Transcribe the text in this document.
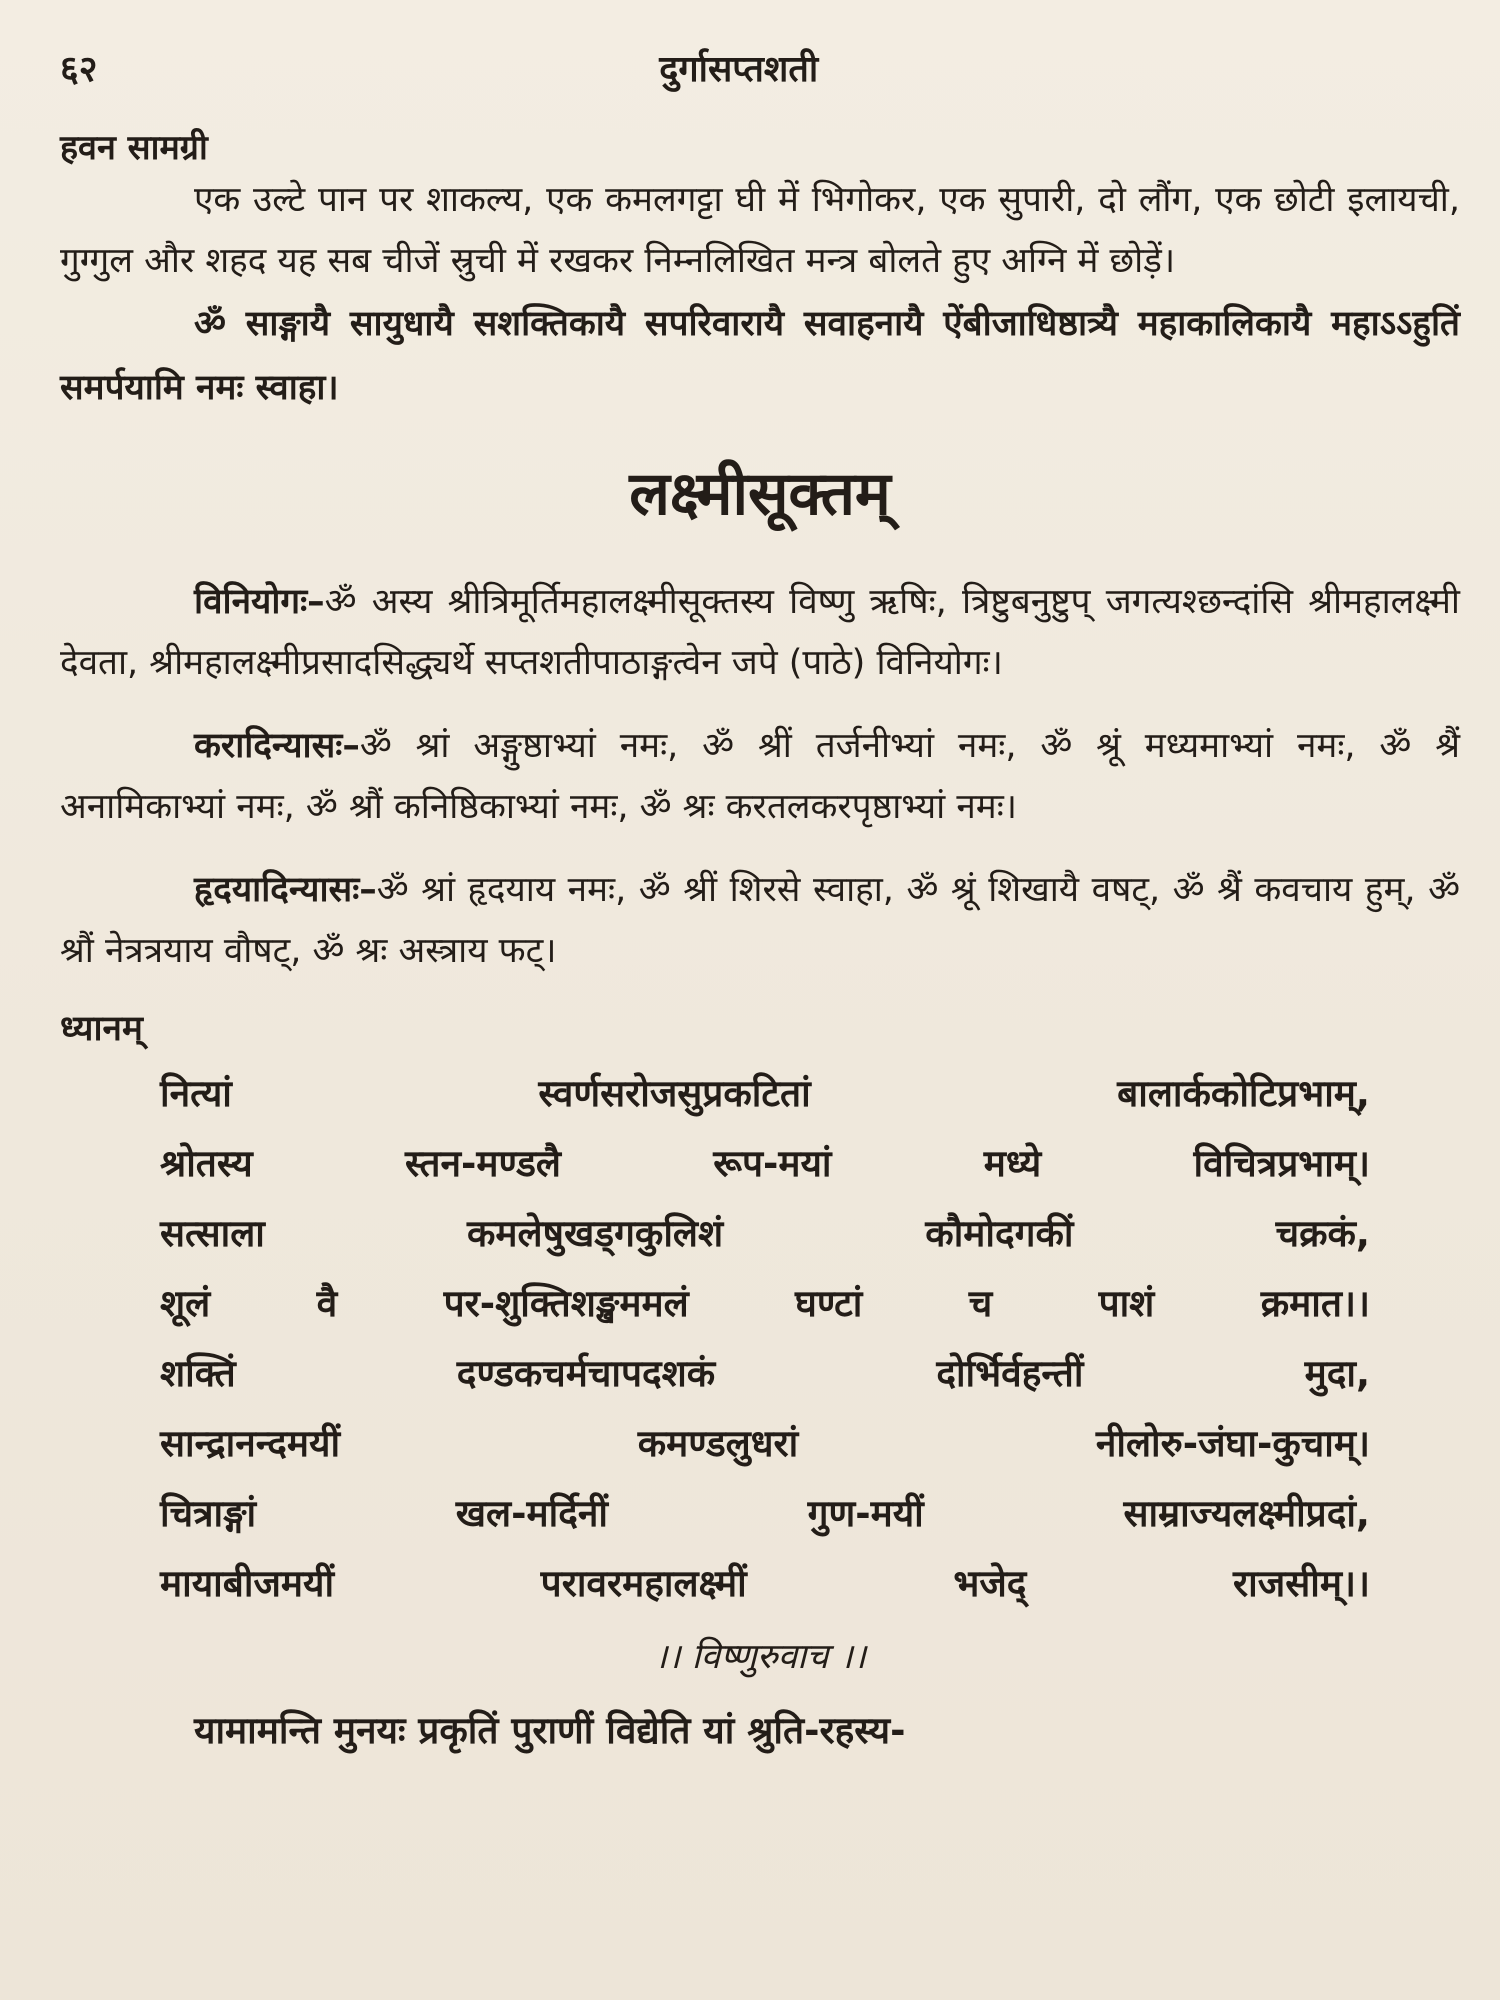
६२	दुर्गासप्तशती

हवन सामग्री

एक उल्टे पान पर शाकल्य, एक कमलगट्टा घी में भिगोकर, एक सुपारी, दो लौंग, एक छोटी इलायची, गुग्गुल और शहद यह सब चीजें स्रुची में रखकर निम्नलिखित मन्त्र बोलते हुए अग्नि में छोड़ें।

ॐ साङ्गायै सायुधायै सशक्तिकायै सपरिवारायै सवाहनायै ऐंबीजाधिष्ठात्र्यै महाकालिकायै महाऽऽहुतिं समर्पयामि नमः स्वाहा।

लक्ष्मीसूक्तम्

विनियोगः–ॐ अस्य श्रीत्रिमूर्तिमहालक्ष्मीसूक्तस्य विष्णु ऋषिः, त्रिष्टुबनुष्टुप् जगत्यश्छन्दांसि श्रीमहालक्ष्मी देवता, श्रीमहालक्ष्मीप्रसादसिद्ध्यर्थे सप्तशतीपाठाङ्गत्वेन जपे (पाठे) विनियोगः।

करादिन्यासः–ॐ श्रां अङ्गुष्ठाभ्यां नमः, ॐ श्रीं तर्जनीभ्यां नमः, ॐ श्रूं मध्यमाभ्यां नमः, ॐ श्रैं अनामिकाभ्यां नमः, ॐ श्रौं कनिष्ठिकाभ्यां नमः, ॐ श्रः करतलकरपृष्ठाभ्यां नमः।

हृदयादिन्यासः–ॐ श्रां हृदयाय नमः, ॐ श्रीं शिरसे स्वाहा, ॐ श्रूं शिखायै वषट्, ॐ श्रैं कवचाय हुम्, ॐ श्रौं नेत्रत्रयाय वौषट्, ॐ श्रः अस्त्राय फट्।

ध्यानम्
नित्यां स्वर्णसरोजसुप्रकटितां बालार्ककोटिप्रभाम्,
श्रोतस्य स्तन-मण्डलै रूप-मयां मध्ये विचित्रप्रभाम्।
सत्साला कमलेषुखड्गकुलिशं कौमोदगकीं चक्रकं,
शूलं वै पर-शुक्तिशङ्खममलं घण्टां च पाशं क्रमात।।
शक्तिं दण्डकचर्मचापदशकं दोर्भिर्वहन्तीं मुदा,
सान्द्रानन्दमयीं कमण्डलुधरां नीलोरु-जंघा-कुचाम्।
चित्राङ्गां खल-मर्दिनीं गुण-मयीं साम्राज्यलक्ष्मीप्रदां,
मायाबीजमयीं परावरमहालक्ष्मीं भजेद् राजसीम्।।
।। विष्णुरुवाच ।।
यामामन्ति मुनयः प्रकृतिं पुराणीं विद्येति यां श्रुति-रहस्य-
